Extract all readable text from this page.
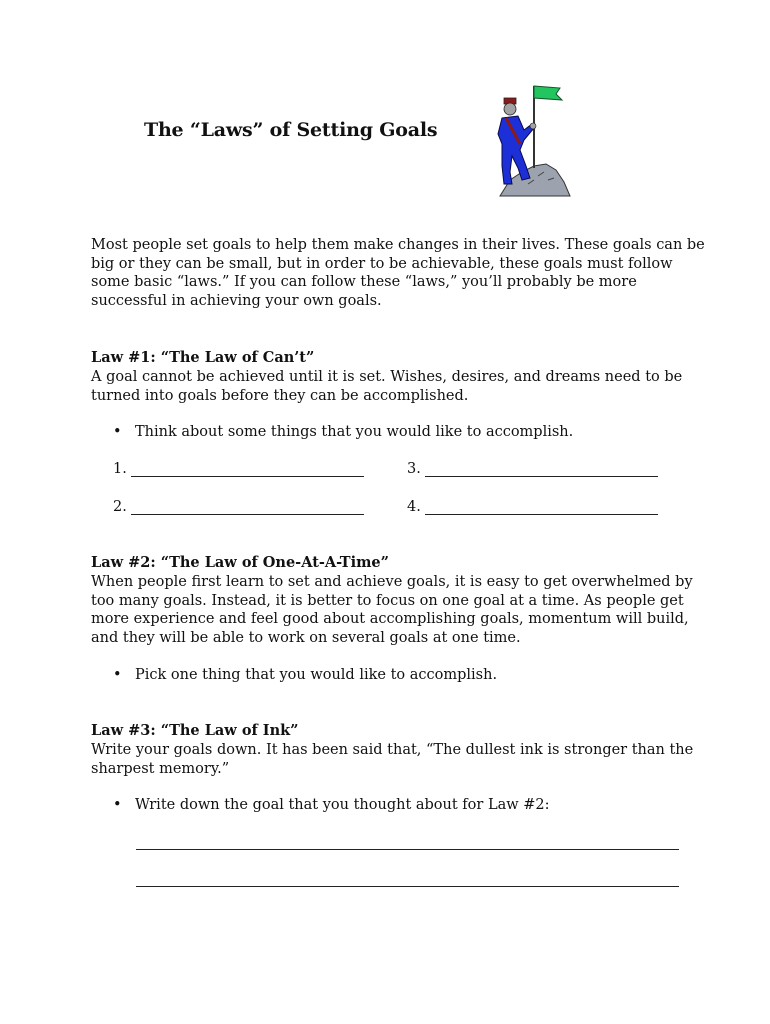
The “Laws” of Setting Goals
Most people set goals to help them make changes in their lives. These goals can be big or they can be small, but in order to be achievable, these goals must follow some basic “laws.” If you can follow these “laws,” you’ll probably be more successful in achieving your own goals.
Law #1: “The Law of Can’t”
A goal cannot be achieved until it is set. Wishes, desires, and dreams need to be turned into goals before they can be accomplished.
• Think about some things that you would like to accomplish.
1.
2.
3.
4.
Law #2: “The Law of One-At-A-Time”
When people first learn to set and achieve goals, it is easy to get overwhelmed by too many goals. Instead, it is better to focus on one goal at a time. As people get more experience and feel good about accomplishing goals, momentum will build, and they will be able to work on several goals at one time.
• Pick one thing that you would like to accomplish.
Law #3: “The Law of Ink”
Write your goals down. It has been said that, “The dullest ink is stronger than the sharpest memory.”
• Write down the goal that you thought about for Law #2:
